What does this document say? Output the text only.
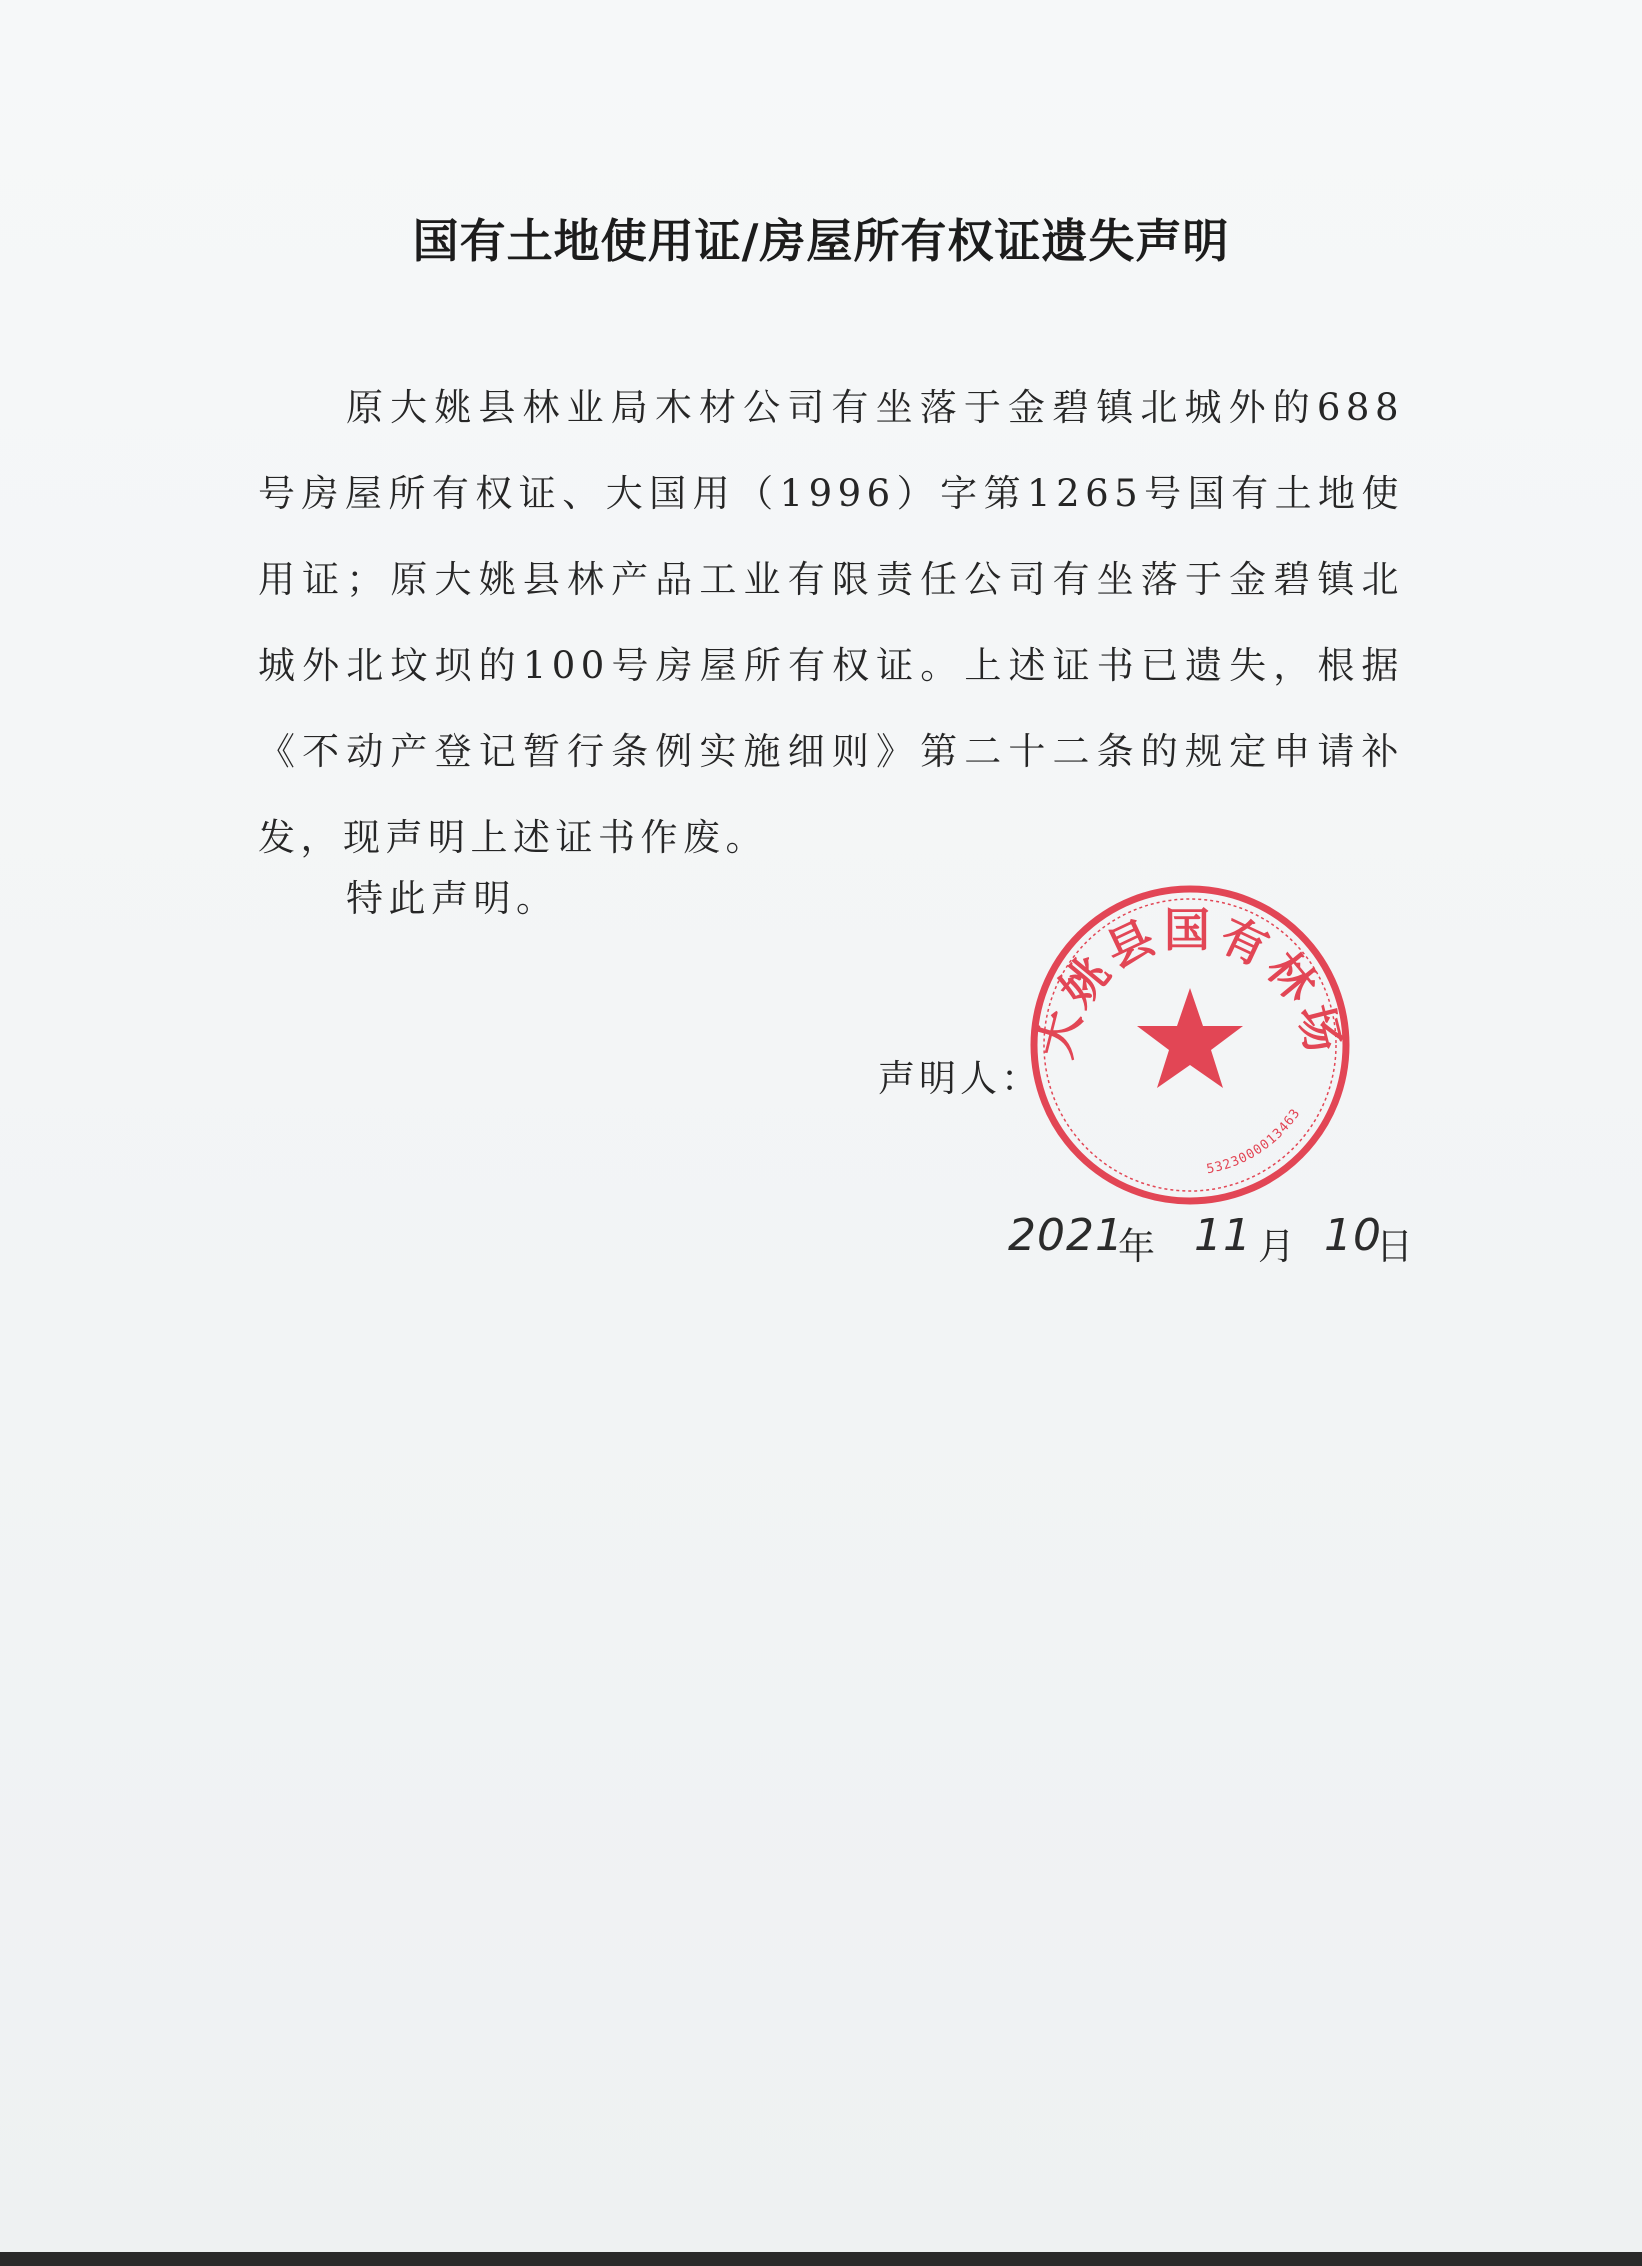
国有土地使用证/房屋所有权证遗失声明

原大姚县林业局木材公司有坐落于金碧镇北城外的688号房屋所有权证、大国用（1996）字第1265号国有土地使用证；原大姚县林产品工业有限责任公司有坐落于金碧镇北城外北坟坝的100号房屋所有权证。上述证书已遗失，根据《不动产登记暂行条例实施细则》第二十二条的规定申请补发，现声明上述证书作废。

特此声明。

声明人：
大姚县国有林场
5323000013463
2021
年 11 月 10
日
